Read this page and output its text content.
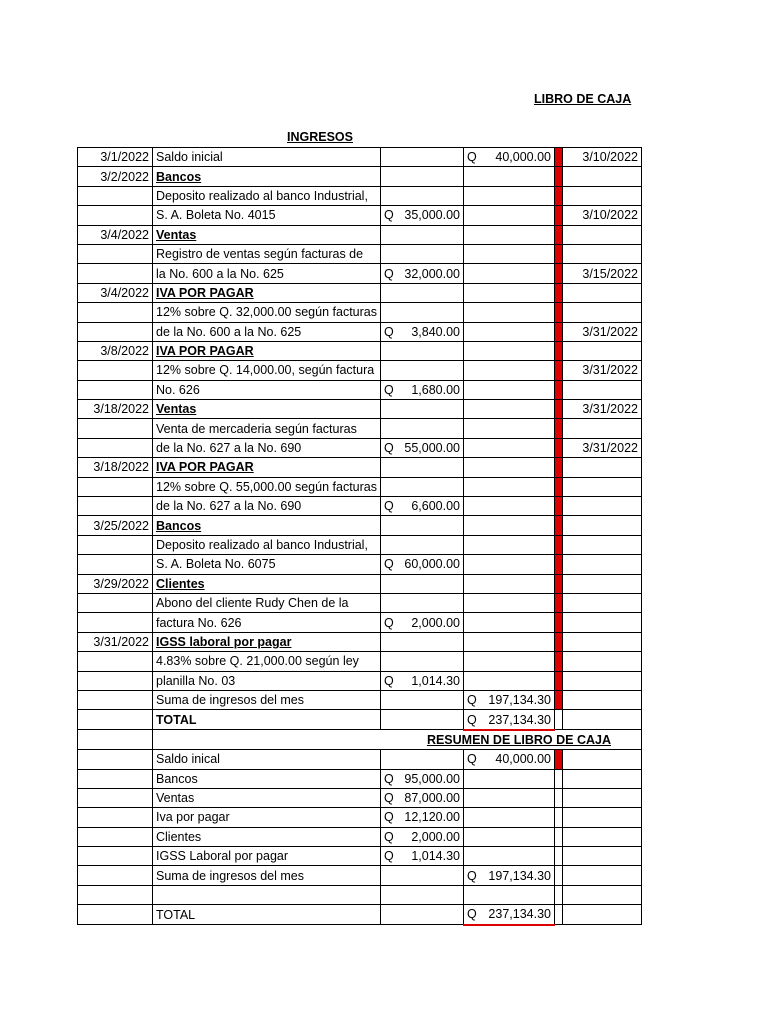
LIBRO DE CAJA
INGRESOS
3/1/2022	Saldo inicial		Q 40,000.00		3/10/2022
3/2/2022	Bancos				
	Deposito realizado al banco Industrial,				
	S. A. Boleta No. 4015	Q 35,000.00			3/10/2022
3/4/2022	Ventas				
	Registro de ventas según facturas de				
	la No. 600 a la No. 625	Q 32,000.00			3/15/2022
3/4/2022	IVA POR PAGAR				
	12% sobre Q. 32,000.00 según facturas				
	de la No. 600 a la No. 625	Q 3,840.00			3/31/2022
3/8/2022	IVA POR PAGAR				
	12% sobre Q. 14,000.00, según factura				3/31/2022
	No. 626	Q 1,680.00			

3/18/2022	Ventas				3/31/2022
	Venta de mercaderia según facturas				
	de la No. 627 a la No. 690	Q 55,000.00			3/31/2022
3/18/2022	IVA POR PAGAR				
	12% sobre Q. 55,000.00 según facturas				
	de la No. 627 a la No. 690	Q 6,600.00			

3/25/2022	Bancos				
	Deposito realizado al banco Industrial,				
	S. A. Boleta No. 6075	Q 60,000.00			

3/29/2022	Clientes				
	Abono del cliente Rudy Chen de la				
	factura No. 626	Q 2,000.00			

3/31/2022	IGSS laboral por pagar				
	4.83% sobre Q. 21,000.00 según ley				
	planilla No. 03	Q 1,014.30			

	Suma de ingresos del mes		Q 197,134.30		

	TOTAL		Q 237,134.30		

	RESUMEN DE LIBRO DE CAJA				
	Saldo inical		Q 40,000.00		

	Bancos	Q 95,000.00			

	Ventas	Q 87,000.00			

	Iva por pagar	Q 12,120.00			

	Clientes	Q 2,000.00			

	IGSS Laboral por pagar	Q 1,014.30			

	Suma de ingresos del mes		Q 197,134.30		

	TOTAL		Q 237,134.30		
